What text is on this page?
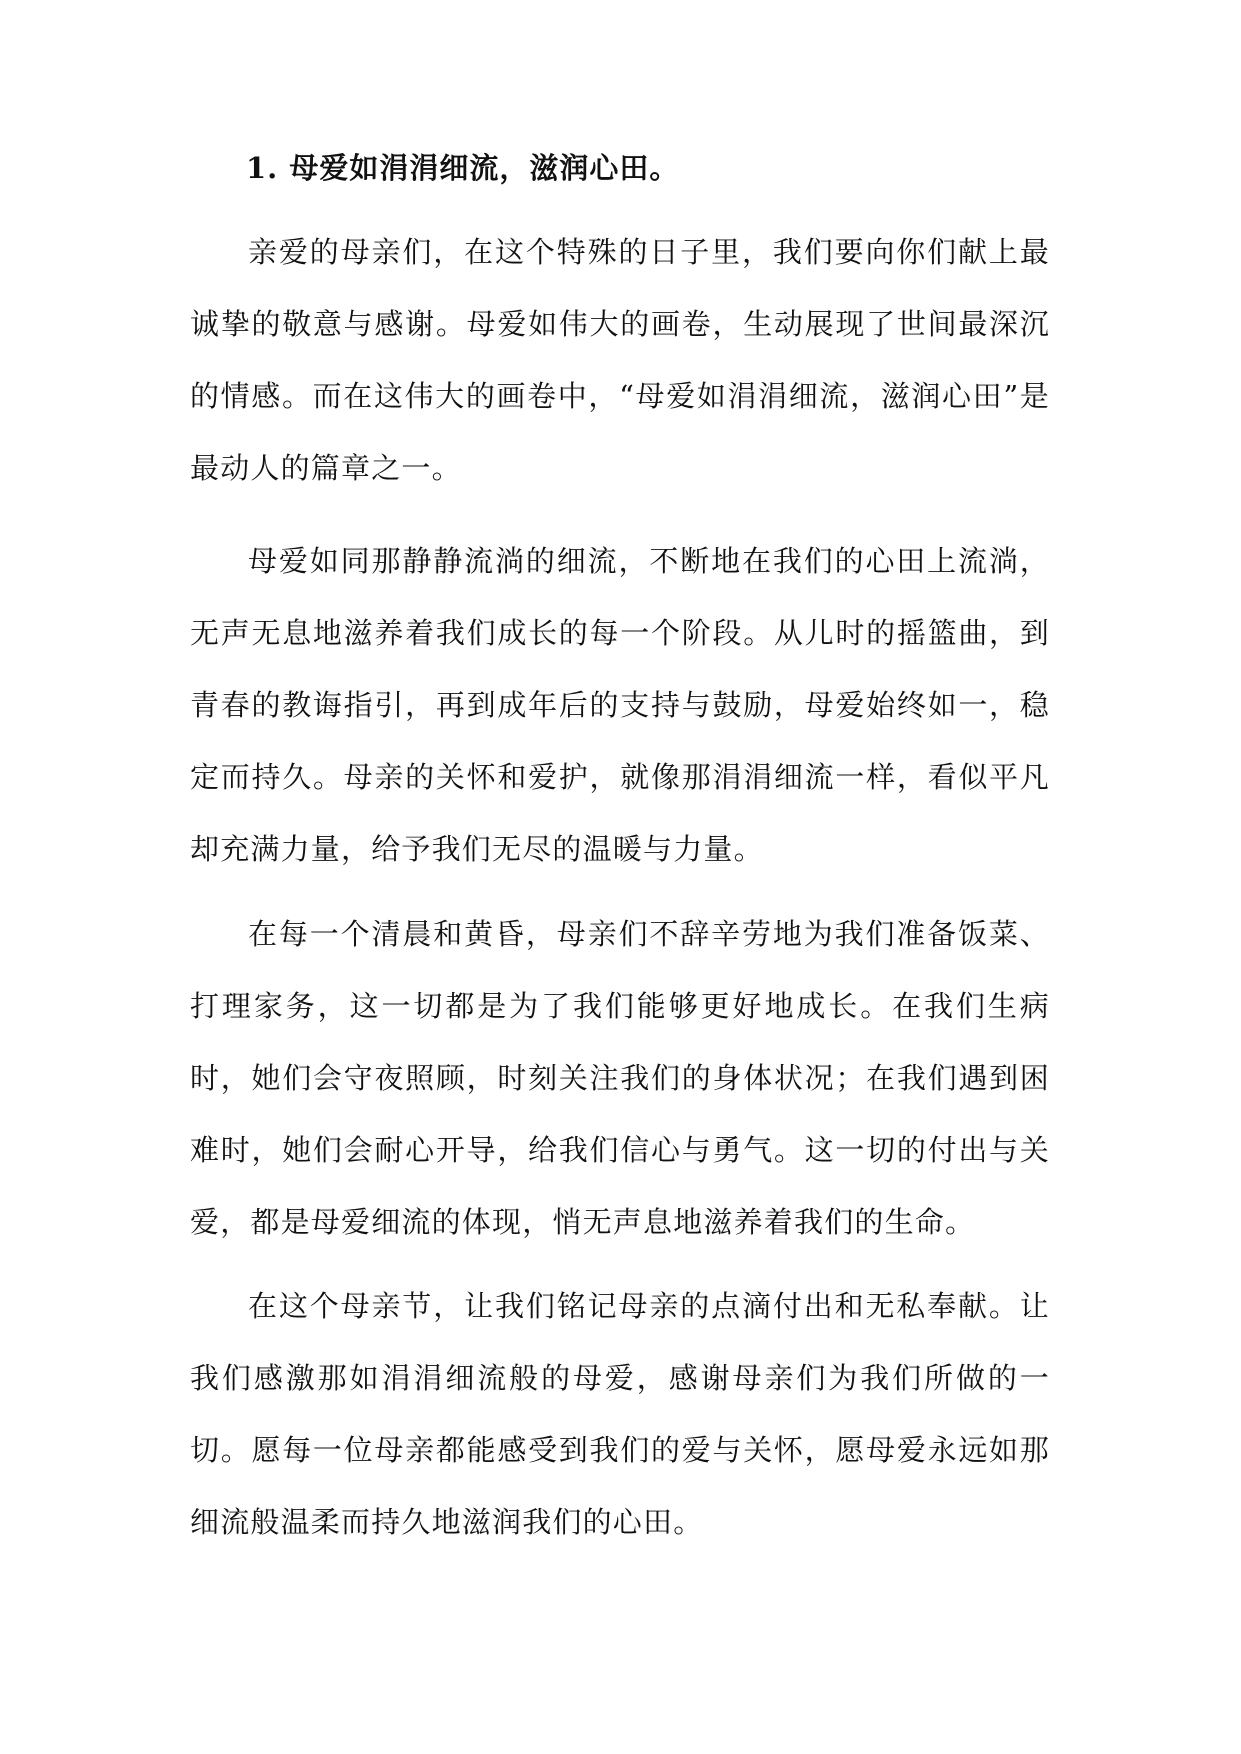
1. 母爱如涓涓细流，滋润心田。

亲爱的母亲们，在这个特殊的日子里，我们要向你们献上最诚挚的敬意与感谢。母爱如伟大的画卷，生动展现了世间最深沉的情感。而在这伟大的画卷中，“母爱如涓涓细流，滋润心田”是最动人的篇章之一。

母爱如同那静静流淌的细流，不断地在我们的心田上流淌，无声无息地滋养着我们成长的每一个阶段。从儿时的摇篮曲，到青春的教诲指引，再到成年后的支持与鼓励，母爱始终如一，稳定而持久。母亲的关怀和爱护，就像那涓涓细流一样，看似平凡却充满力量，给予我们无尽的温暖与力量。

在每一个清晨和黄昏，母亲们不辞辛劳地为我们准备饭菜、打理家务，这一切都是为了我们能够更好地成长。在我们生病时，她们会守夜照顾，时刻关注我们的身体状况；在我们遇到困难时，她们会耐心开导，给我们信心与勇气。这一切的付出与关爱，都是母爱细流的体现，悄无声息地滋养着我们的生命。

在这个母亲节，让我们铭记母亲的点滴付出和无私奉献。让我们感激那如涓涓细流般的母爱，感谢母亲们为我们所做的一切。愿每一位母亲都能感受到我们的爱与关怀，愿母爱永远如那细流般温柔而持久地滋润我们的心田。
